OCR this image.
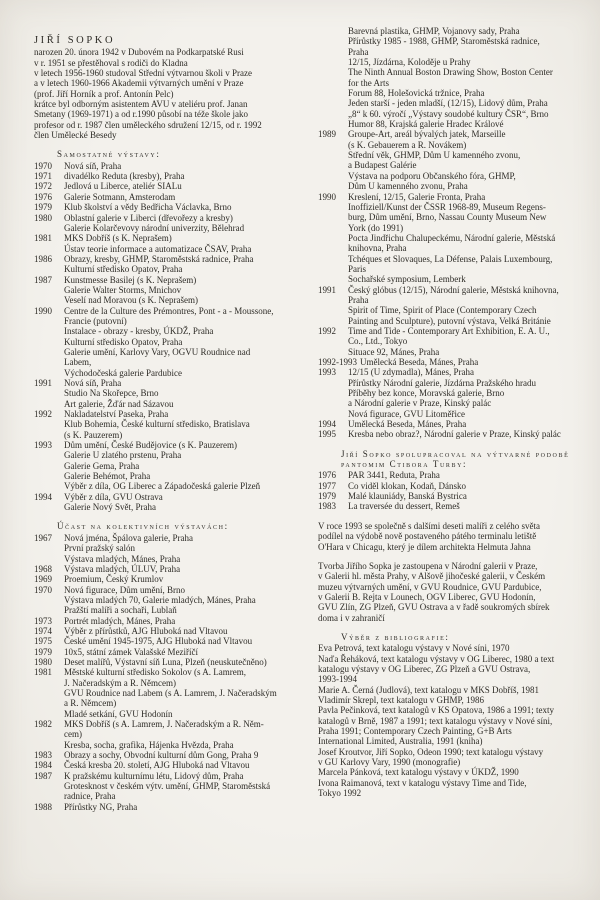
JIŘÍ SOPKO
narozen 20. února 1942 v Dubovém na Podkarpatské Rusi
v r. 1951 se přestěhoval s rodiči do Kladna
v letech 1956-1960 studoval Střední výtvarnou školi v Praze
a v letech 1960-1966 Akademii výtvarných umění v Praze
(prof. Jiří Horník a prof. Antonín Pelc)
krátce byl odborným asistentem AVU v ateliéru prof. Janan
Smetany (1969-1971) a od r.1990 působí na téže škole jako
profesor od r. 1987 člen uměleckého sdružení 12/15, od r. 1992
člen Umělecké Besedy
Samostatné výstavy:
1970	Nová síň, Praha
1971	divadélko Reduta (kresby), Praha
1972	Jedlová u Liberce, ateliér SIALu
1976	Galerie Sotmann, Amsterodam
1979	Klub školství a vědy Bedřicha Václavka, Brno
1980	Oblastní galerie v Liberci (dřevořezy a kresby)
Galerie Kolarčevovy národní univerzity, Bělehrad
1981	MKS Dobříš (s K. Neprašem)
Ústav teorie informace a automatizace ČSAV, Praha
1986	Obrazy, kresby, GHMP, Staroměstská radnice, Praha
Kulturní středisko Opatov, Praha
1987	Kunstmesse Basilej (s K. Neprašem)
Galerie Walter Storms, Mnichov
Veselí nad Moravou (s K. Neprašem)
1990	Centre de la Culture des Prémontres, Pont - a - Moussone,
Francie (putovní)
Instalace - obrazy - kresby, ÚKDŽ, Praha
Kulturní středisko Opatov, Praha
Galerie umění, Karlovy Vary, OGVU Roudnice nad
Labem,
Východočeská galerie Pardubice
1991	Nová síň, Praha
Studio Na Skořepce, Brno
Art galerie, Žďár nad Sázavou
1992	Nakladatelství Paseka, Praha
Klub Bohemia, České kulturní středisko, Bratislava
(s K. Pauzerem)
1993	Dům umění, České Budějovice (s K. Pauzerem)
Galerie U zlatého prstenu, Praha
Galerie Gema, Praha
Galerie Behémot, Praha
Výběr z díla, OG Liberec a Západočeská galerie Plzeň
1994	Výběr z díla, GVU Ostrava
Galerie Nový Svět, Praha
Účast na kolektivních výstavách:
1967	Nová jména, Špálova galerie, Praha
První pražský salón
Výstava mladých, Mánes, Praha
1968	Výstava mladých, ÚLUV, Praha
1969	Proemium, Český Krumlov
1970	Nová figurace, Dům umění, Brno
Výstava mladých 70, Galerie mladých, Mánes, Praha
Pražští malíři a sochaři, Lublaň
1973	Portrét mladých, Mánes, Praha
1974	Výběr z přírůstků, AJG Hluboká nad Vltavou
1975	České umění 1945-1975, AJG Hluboká nad Vltavou
1979	10x5, státní zámek Valašské Meziříčí
1980	Deset malířů, Výstavní síň Luna, Plzeň (neuskutečněno)
1981	Městské kulturní středisko Sokolov (s A. Lamrem,
J. Načeradským a R. Němcem)
GVU Roudnice nad Labem (s A. Lamrem, J. Načeradským
a R. Němcem)
Mladé setkání, GVU Hodonín
1982	MKS Dobříš (s A. Lamrem, J. Načeradským a R. Něm-
cem)
Kresba, socha, grafika, Hájenka Hvězda, Praha
1983	Obrazy a sochy, Obvodní kulturní dům Gong, Praha 9
1984	Česká kresba 20. století, AJG Hluboká nad Vltavou
1987	K pražskému kulturnímu létu, Lidový dům, Praha
Grotesknost v českém výtv. umění, GHMP, Staroměstská
radnice, Praha
1988	Přírůstky NG, Praha
Barevná plastika, GHMP, Vojanovy sady, Praha
Přírůstky 1985 - 1988, GHMP, Staroměstská radnice,
Praha
12/15, Jízdárna, Koloděje u Prahy
The Ninth Annual Boston Drawing Show, Boston Center
for the Arts
Forum 88, Holešovická tržnice, Praha
Jeden starší - jeden mladší, (12/15), Lidový dům, Praha
„8“ k 60. výročí „Výstavy soudobé kultury ČSR“, Brno
Humor 88, Krajská galerie Hradec Králové
1989	Groupe-Art, areál bývalých jatek, Marseille
(s K. Gebauerem a R. Novákem)
Střední věk, GHMP, Dům U kamenného zvonu,
a Budapest Galérie
Výstava na podporu Občanského fóra, GHMP,
Dům U kamenného zvonu, Praha
1990	Kreslení, 12/15, Galerie Fronta, Praha
Inoffiziell/Kunst der ČSSR 1968-89, Museum Regens-
burg, Dům umění, Brno, Nassau County Museum New
York (do 1991)
Pocta Jindřichu Chalupeckému, Národní galerie, Městská
knihovna, Praha
Tchéques et Slovaques, La Défense, Palais Luxembourg,
Paris
Sochařské symposium, Lemberk
1991	Český glóbus (12/15), Národní galerie, Městská knihovna,
Praha
Spirit of Time, Spirit of Place (Contemporary Czech
Painting and Sculpture), putovní výstava, Velká Británie
1992	Time and Tide - Contemporary Art Exhibition, E. A. U.,
Co., Ltd., Tokyo
Situace 92, Mánes, Praha
1992-1993 Umělecká Beseda, Mánes, Praha
1993	12/15 (U zdymadla), Mánes, Praha
Přírůstky Národní galerie, Jízdárna Pražského hradu
Příběhy bez konce, Moravská galerie, Brno
a Národní galerie v Praze, Kinský palác
Nová figurace, GVU Litoměřice
1994	Umělecká Beseda, Mánes, Praha
1995	Kresba nebo obraz?, Národní galerie v Praze, Kinský palác
Jiří Sopko spolupracoval na výtvarné podobě pantomim Ctibora Turby:
1976	PAR 3441, Reduta, Praha
1977	Co viděl klokan, Kodaň, Dánsko
1979	Malé klauniády, Banská Bystrica
1983	La traversée du dessert, Remeš
V roce 1993 se společně s dalšími deseti malíři z celého světa
podílel na výdobě nově postaveného pátého terminalu letiště
O'Hara v Chicagu, který je dílem architekta Helmuta Jahna
Tvorba Jiřího Sopka je zastoupena v Národní galerii v Praze,
v Galerii hl. města Prahy, v Alšově jihočeské galerii, v Českém
muzeu výtvarných umění, v GVU Roudnice, GVU Pardubice,
v Galerii B. Rejta v Lounech, OGV Liberec, GVU Hodonín,
GVU Zlín, ZG Plzeň, GVU Ostrava a v řadě soukromých sbírek
doma i v zahraničí
Výběr z bibliografie:
Eva Petrová, text katalogu výstavy v Nové síni, 1970
Naďa Řeháková, text katalogu výstavy v OG Liberec, 1980 a text
katalogu výstavy v OG Liberec, ZG Plzeň a GVU Ostrava,
1993-1994
Marie A. Černá (Judlová), text katalogu v MKS Dobříš, 1981
Vladimír Skrepl, text katalogu v GHMP, 1986
Pavla Pečinková, text katalogů v KS Opatova, 1986 a 1991; texty
katalogů v Brně, 1987 a 1991; text katalogu výstavy v Nové síni,
Praha 1991; Contemporary Czech Painting, G+B Arts
International Limited, Australia, 1991 (kniha)
Josef Kroutvor, Jiří Sopko, Odeon 1990; text katalogu výstavy
v GU Karlovy Vary, 1990 (monografie)
Marcela Pánková, text katalogu výstavy v ÚKDŽ, 1990
Ivona Raimanová, text v katalogu výstavy Time and Tide,
Tokyo 1992
